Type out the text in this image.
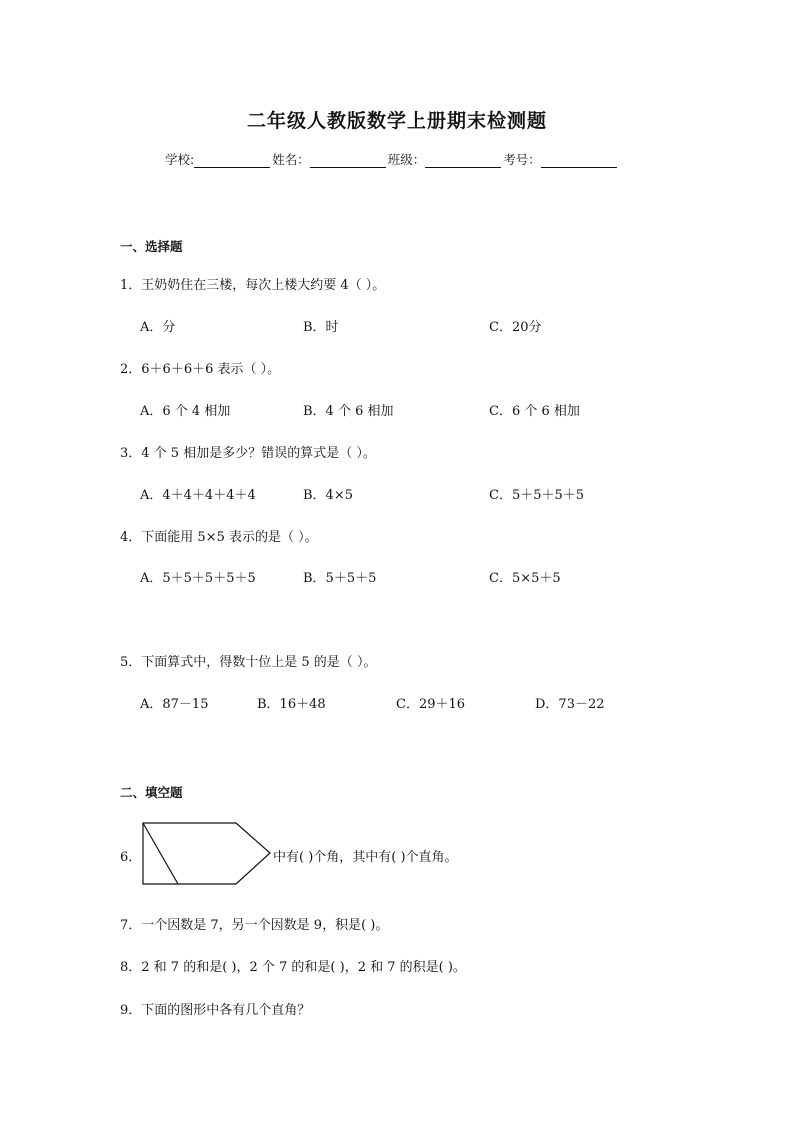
二年级人教版数学上册期末检测题
学校:	姓名：	班级：	考号：
一、选择题
1．王奶奶住在三楼，每次上楼大约要 4（ ）。
A．分	B．时	C．20分
2．6＋6＋6＋6 表示（ ）。
A．6 个 4 相加	B．4 个 6 相加	C．6 个 6 相加
3．4 个 5 相加是多少？错误的算式是（ ）。
A．4＋4＋4＋4＋4	B．4×5	C．5＋5＋5＋5
4．下面能用 5×5 表示的是（ ）。
A．5＋5＋5＋5＋5	B．5＋5＋5	C．5×5＋5
5．下面算式中，得数十位上是 5 的是（ ）。
A．87－15	B．16＋48	C．29＋16	D．73－22
二、填空题
6．	中有( )个角，其中有( )个直角。
7．一个因数是 7，另一个因数是 9，积是( )。
8．2 和 7 的和是( )，2 个 7 的和是( )，2 和 7 的积是( )。
9．下面的图形中各有几个直角？
